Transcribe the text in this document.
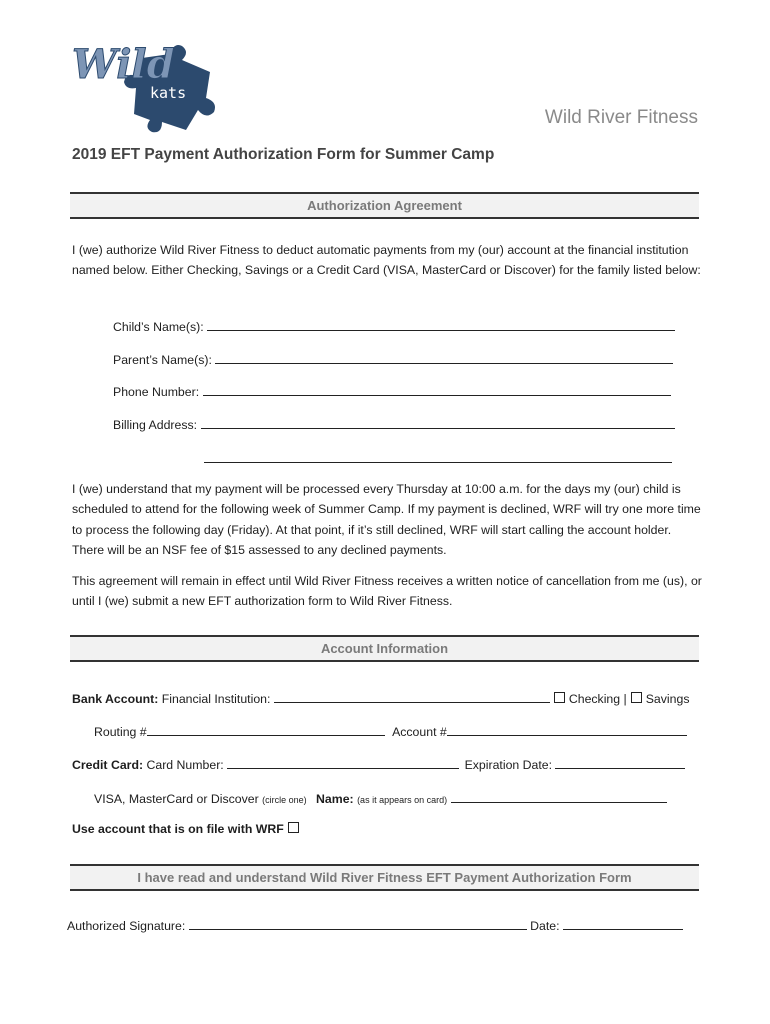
kats
Wild
Wild River Fitness
2019 EFT Payment Authorization Form for Summer Camp
Authorization Agreement
I (we) authorize Wild River Fitness to deduct automatic payments from my (our) account at the financial institution named below. Either Checking, Savings or a Credit Card (VISA, MasterCard or Discover) for the family listed below:
Child’s Name(s):
Parent’s Name(s):
Phone Number:
Billing Address:
I (we) understand that my payment will be processed every Thursday at 10:00 a.m. for the days my (our) child is scheduled to attend for the following week of Summer Camp. If my payment is declined, WRF will try one more time to process the following day (Friday). At that point, if it’s still declined, WRF will start calling the account holder. There will be an NSF fee of $15 assessed to any declined payments.
This agreement will remain in effect until Wild River Fitness receives a written notice of cancellation from me (us), or until I (we) submit a new EFT authorization form to Wild River Fitness.
Account Information
Bank Account: Financial Institution:	Checking | Savings
Routing #	Account #
Credit Card: Card Number:	Expiration Date:
VISA, MasterCard or Discover (circle one) Name: (as it appears on card)
Use account that is on file with WRF
I have read and understand Wild River Fitness EFT Payment Authorization Form
Authorized Signature:	Date:
